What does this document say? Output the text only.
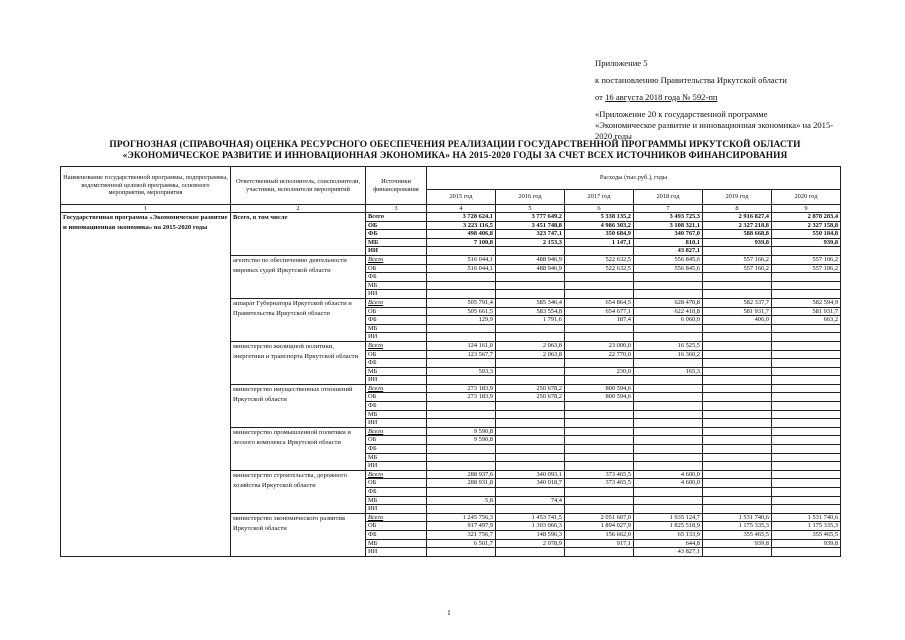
Приложение 5
к постановлению Правительства Иркутской области
от 16 августа 2018 года № 592-пп
«Приложение 20 к государственной программе
«Экономическое развитие и инновационная экономика» на 2015-
2020 годы
ПРОГНОЗНАЯ (СПРАВОЧНАЯ) ОЦЕНКА РЕСУРСНОГО ОБЕСПЕЧЕНИЯ РЕАЛИЗАЦИИ ГОСУДАРСТВЕННОЙ ПРОГРАММЫ ИРКУТСКОЙ ОБЛАСТИ «ЭКОНОМИЧЕСКОЕ РАЗВИТИЕ И ИННОВАЦИОННАЯ ЭКОНОМИКА» НА 2015-2020 ГОДЫ ЗА СЧЕТ ВСЕХ ИСТОЧНИКОВ ФИНАНСИРОВАНИЯ
Наименование государственной программы, подпрограммы, ведомственной целевой программы, основного мероприятия, мероприятия	Ответственный исполнитель, соисполнители, участники, исполнители мероприятий	Источники финансирования	Расходы (тыс.руб.), годы					
			2015 год	2016 год	2017 год	2018 год	2019 год	2020 год
1	2	3	4	5	6	7	8	9
Государственная программа «Экономическое развитие и инновационная экономика» на 2015-2020 годы	Всего, в том числе	Всего	3 728 624,1	3 777 649,2	5 338 135,2	3 493 725,3	2 916 827,4	2 878 283,4
		ОБ	3 223 116,5	3 451 748,8	4 986 303,2	3 108 321,1	2 327 218,8	2 327 158,8
		ФБ	498 406,8	323 747,1	350 684,9	340 767,0	588 668,8	550 184,8
		МБ	7 100,8	2 153,3	1 147,1	810,1	939,8	939,8
		ИИ				43 827,1		
	агентство по обеспечению деятельности мировых судей Иркутской области	Всего	516 044,1	488 946,9	522 632,5	556 845,6	557 166,2	557 106,2
		ОБ	516 044,1	488 946,9	522 632,5	556 845,6	557 166,2	557 106,2
		ФБ						
		МБ						
		ИИ						
	аппарат Губернатора Иркутской области и Правительства Иркутской области	Всего	505 791,4	585 346,4	654 864,5	628 470,8	582 337,7	582 594,9
		ОБ	505 661,5	583 554,8	654 677,1	622 410,8	581 931,7	581 931,7
		ФБ	129,9	1 791,6	187,4	6 060,0	406,0	663,2
		МБ						
		ИИ						
	министерство жилищной политики, энергетики и транспорта Иркутской области	Всего	124 161,0	2 063,8	23 000,0	16 525,5		
		ОБ	123 567,7	2 063,8	22 770,0	16 360,2		
		ФБ						
		МБ	593,3		230,0	165,3		
		ИИ						
	министерство имущественных отношений Иркутской области	Всего	273 183,9	250 678,2	800 594,6			
		ОБ	273 183,9	250 678,2	800 594,6			
		ФБ						
		МБ						
		ИИ						
	министерство промышленной политики и лесного комплекса Иркутской области	Всего	9 590,8					
		ОБ	9 590,8					
		ФБ						
		МБ						
		ИИ						
	министерство строительства, дорожного хозяйства Иркутской области	Всего	288 937,6	340 093,1	373 465,5	4 600,0		
		ОБ	288 931,8	340 018,7	373 465,5	4 600,0		
		ФБ						
		МБ	5,8	74,4				
		ИИ						
	министерство экономического развития Иркутской области	Всего	1 245 756,3	1 453 741,5	2 051 607,0	1 935 124,7	1 531 740,6	1 531 740,6
		ОБ	917 497,9	1 303 066,3	1 894 027,9	1 825 518,9	1 175 335,3	1 175 335,3
		ФБ	321 756,7	148 596,3	156 662,0	65 133,9	355 465,5	355 465,5
		МБ	6 501,7	2 078,9	917,1	644,8	939,8	939,8
		ИИ				43 827,1		
1
